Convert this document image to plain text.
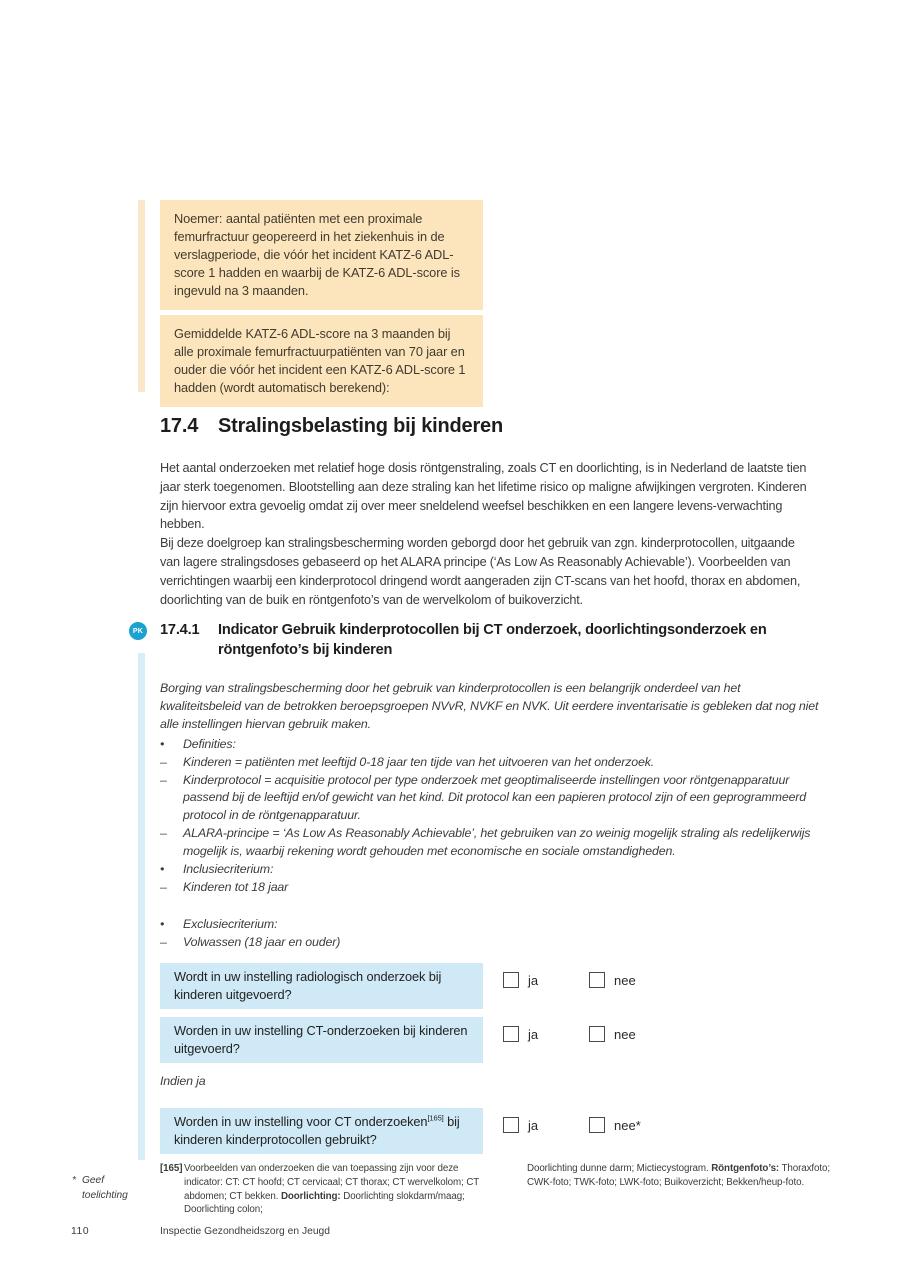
Noemer: aantal patiënten met een proximale femurfractuur geopereerd in het ziekenhuis in de verslagperiode, die vóór het incident KATZ-6 ADL-score 1 hadden en waarbij de KATZ-6 ADL-score is ingevuld na 3 maanden.
Gemiddelde KATZ-6 ADL-score na 3 maanden bij alle proximale femurfractuurpatiënten van 70 jaar en ouder die vóór het incident een KATZ-6 ADL-score 1 hadden (wordt automatisch berekend):
17.4 Stralingsbelasting bij kinderen

Het aantal onderzoeken met relatief hoge dosis röntgenstraling, zoals CT en doorlichting, is in Nederland de laatste tien jaar sterk toegenomen. Blootstelling aan deze straling kan het lifetime risico op maligne afwijkingen vergroten. Kinderen zijn hiervoor extra gevoelig omdat zij over meer sneldelend weefsel beschikken en een langere levens-verwachting hebben.

Bij deze doelgroep kan stralingsbescherming worden geborgd door het gebruik van zgn. kinderprotocollen, uitgaande van lagere stralingsdoses gebaseerd op het ALARA principe (‘As Low As Reasonably Achievable’). Voorbeelden van verrichtingen waarbij een kinderprotocol dringend wordt aangeraden zijn CT-scans van het hoofd, thorax en abdomen, doorlichting van de buik en röntgenfoto’s van de wervelkolom of buikoverzicht.

PK 17.4.1	Indicator Gebruik kinderprotocollen bij CT onderzoek, doorlichtingsonderzoek en röntgenfoto’s bij kinderen
Borging van stralingsbescherming door het gebruik van kinderprotocollen is een belangrijk onderdeel van het kwaliteitsbeleid van de betrokken beroepsgroepen NVvR, NVKF en NVK. Uit eerdere inventarisatie is gebleken dat nog niet alle instellingen hiervan gebruik maken.
•	Definities:
–	Kinderen = patiënten met leeftijd 0-18 jaar ten tijde van het uitvoeren van het onderzoek.
–	Kinderprotocol = acquisitie protocol per type onderzoek met geoptimaliseerde instellingen voor röntgenapparatuur passend bij de leeftijd en/of gewicht van het kind. Dit protocol kan een papieren protocol zijn of een geprogrammeerd protocol in de röntgenapparatuur.
–	ALARA-principe = ‘As Low As Reasonably Achievable’, het gebruiken van zo weinig mogelijk straling als redelijkerwijs mogelijk is, waarbij rekening wordt gehouden met economische en sociale omstandigheden.
•	Inclusiecriterium:
–	Kinderen tot 18 jaar
•	Exclusiecriterium:
–	Volwassen (18 jaar en ouder)
Wordt in uw instelling radiologisch onderzoek bij kinderen uitgevoerd?
ja	nee
Worden in uw instelling CT-onderzoeken bij kinderen uitgevoerd?
ja	nee
Indien ja
Worden in uw instelling voor CT onderzoeken[165] bij kinderen kinderprotocollen gebruikt?
ja	nee*
[165] Voorbeelden van onderzoeken die van toepassing zijn voor deze indicator: CT: CT hoofd; CT cervicaal; CT thorax; CT wervelkolom; CT abdomen; CT bekken. Doorlichting: Doorlichting slokdarm/maag; Doorlichting colon;
Doorlichting dunne darm; Mictiecystogram. Röntgenfoto’s: Thoraxfoto; CWK-foto; TWK-foto; LWK-foto; Buikoverzicht; Bekken/heup-foto.
* Geef toelichting
110	Inspectie Gezondheidszorg en Jeugd
